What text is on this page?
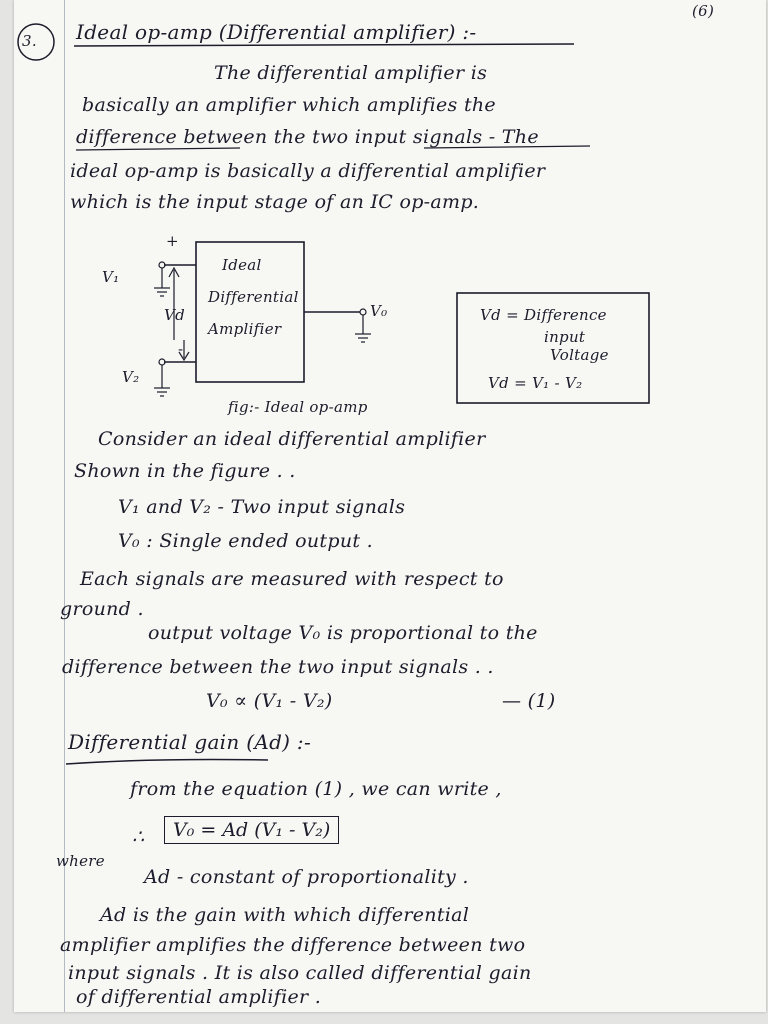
(6)
3. Ideal op-amp (Differential amplifier) :-
The differential amplifier is
basically an amplifier which amplifies the
difference between the two input signals - The
ideal op-amp is basically a differential amplifier
which is the input stage of an IC op-amp.
+
-
V₁
V₂
Vd	V₀
Ideal
Differential
Amplifier
fig:- Ideal op-amp
Vd = Difference
input
Voltage
Vd = V₁ - V₂
Consider an ideal differential amplifier
Shown in the figure . .
V₁ and V₂ - Two input signals
V₀ : Single ended output .
Each signals are measured with respect to
ground .
output voltage V₀ is proportional to the
difference between the two input signals . .
V₀ ∝ (V₁ - V₂)	— (1)
Differential gain (Ad) :-
from the equation (1) , we can write ,
∴	V₀ = Ad (V₁ - V₂)
where
Ad - constant of proportionality .
Ad is the gain with which differential
amplifier amplifies the difference between two
input signals . It is also called differential gain
of differential amplifier .
